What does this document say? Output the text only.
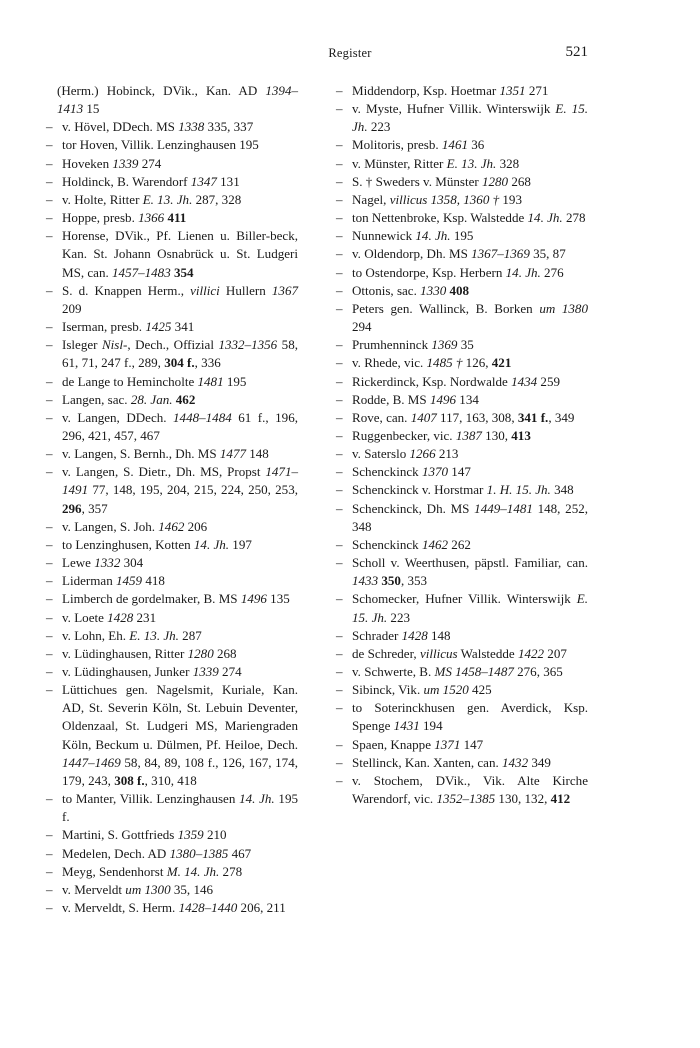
Register	521
(Herm.) Hobinck, DVik., Kan. AD 1394–1413 15
– v. Hövel, DDech. MS 1338 335, 337
– tor Hoven, Villik. Lenzinghausen 195
– Hoveken 1339 274
– Holdinck, B. Warendorf 1347 131
– v. Holte, Ritter E. 13. Jh. 287, 328
– Hoppe, presb. 1366 411
– Horense, DVik., Pf. Lienen u. Biller-beck, Kan. St. Johann Osnabrück u. St. Ludgeri MS, can. 1457–1483 354
– S. d. Knappen Herm., villici Hullern 1367 209
– Iserman, presb. 1425 341
– Isleger Nisl-, Dech., Offizial 1332–1356 58, 61, 71, 247 f., 289, 304 f., 336
– de Lange to Hemincholte 1481 195
– Langen, sac. 28. Jan. 462
– v. Langen, DDech. 1448–1484 61 f., 196, 296, 421, 457, 467
– v. Langen, S. Bernh., Dh. MS 1477 148
– v. Langen, S. Dietr., Dh. MS, Propst 1471–1491 77, 148, 195, 204, 215, 224, 250, 253, 296, 357
– v. Langen, S. Joh. 1462 206
– to Lenzinghusen, Kotten 14. Jh. 197
– Lewe 1332 304
– Liderman 1459 418
– Limberch de gordelmaker, B. MS 1496 135
– v. Loete 1428 231
– v. Lohn, Eh. E. 13. Jh. 287
– v. Lüdinghausen, Ritter 1280 268
– v. Lüdinghausen, Junker 1339 274
– Lüttichues gen. Nagelsmit, Kuriale, Kan. AD, St. Severin Köln, St. Lebuin Deventer, Oldenzaal, St. Ludgeri MS, Mariengraden Köln, Beckum u. Dülmen, Pf. Heiloe, Dech. 1447–1469 58, 84, 89, 108 f., 126, 167, 174, 179, 243, 308 f., 310, 418
– to Manter, Villik. Lenzinghausen 14. Jh. 195 f.
– Martini, S. Gottfrieds 1359 210
– Medelen, Dech. AD 1380–1385 467
– Meyg, Sendenhorst M. 14. Jh. 278
– v. Merveldt um 1300 35, 146
– v. Merveldt, S. Herm. 1428–1440 206, 211
– Middendorp, Ksp. Hoetmar 1351 271
– v. Myste, Hufner Villik. Winterswijk E. 15. Jh. 223
– Molitoris, presb. 1461 36
– v. Münster, Ritter E. 13. Jh. 328
– S. † Sweders v. Münster 1280 268
– Nagel, villicus 1358, 1360 † 193
– ton Nettenbroke, Ksp. Walstedde 14. Jh. 278
– Nunnewick 14. Jh. 195
– v. Oldendorp, Dh. MS 1367–1369 35, 87
– to Ostendorpe, Ksp. Herbern 14. Jh. 276
– Ottonis, sac. 1330 408
– Peters gen. Wallinck, B. Borken um 1380 294
– Prumhenninck 1369 35
– v. Rhede, vic. 1485 † 126, 421
– Rickerdinck, Ksp. Nordwalde 1434 259
– Rodde, B. MS 1496 134
– Rove, can. 1407 117, 163, 308, 341 f., 349
– Ruggenbecker, vic. 1387 130, 413
– v. Saterslo 1266 213
– Schenckinck 1370 147
– Schenckinck v. Horstmar 1. H. 15. Jh. 348
– Schenckinck, Dh. MS 1449–1481 148, 252, 348
– Schenckinck 1462 262
– Scholl v. Weerthusen, päpstl. Familiar, can. 1433 350, 353
– Schomecker, Hufner Villik. Winterswijk E. 15. Jh. 223
– Schrader 1428 148
– de Schreder, villicus Walstedde 1422 207
– v. Schwerte, B. MS 1458–1487 276, 365
– Sibinck, Vik. um 1520 425
– to Soterinckhusen gen. Averdick, Ksp. Spenge 1431 194
– Spaen, Knappe 1371 147
– Stellinck, Kan. Xanten, can. 1432 349
– v. Stochem, DVik., Vik. Alte Kirche Warendorf, vic. 1352–1385 130, 132, 412
